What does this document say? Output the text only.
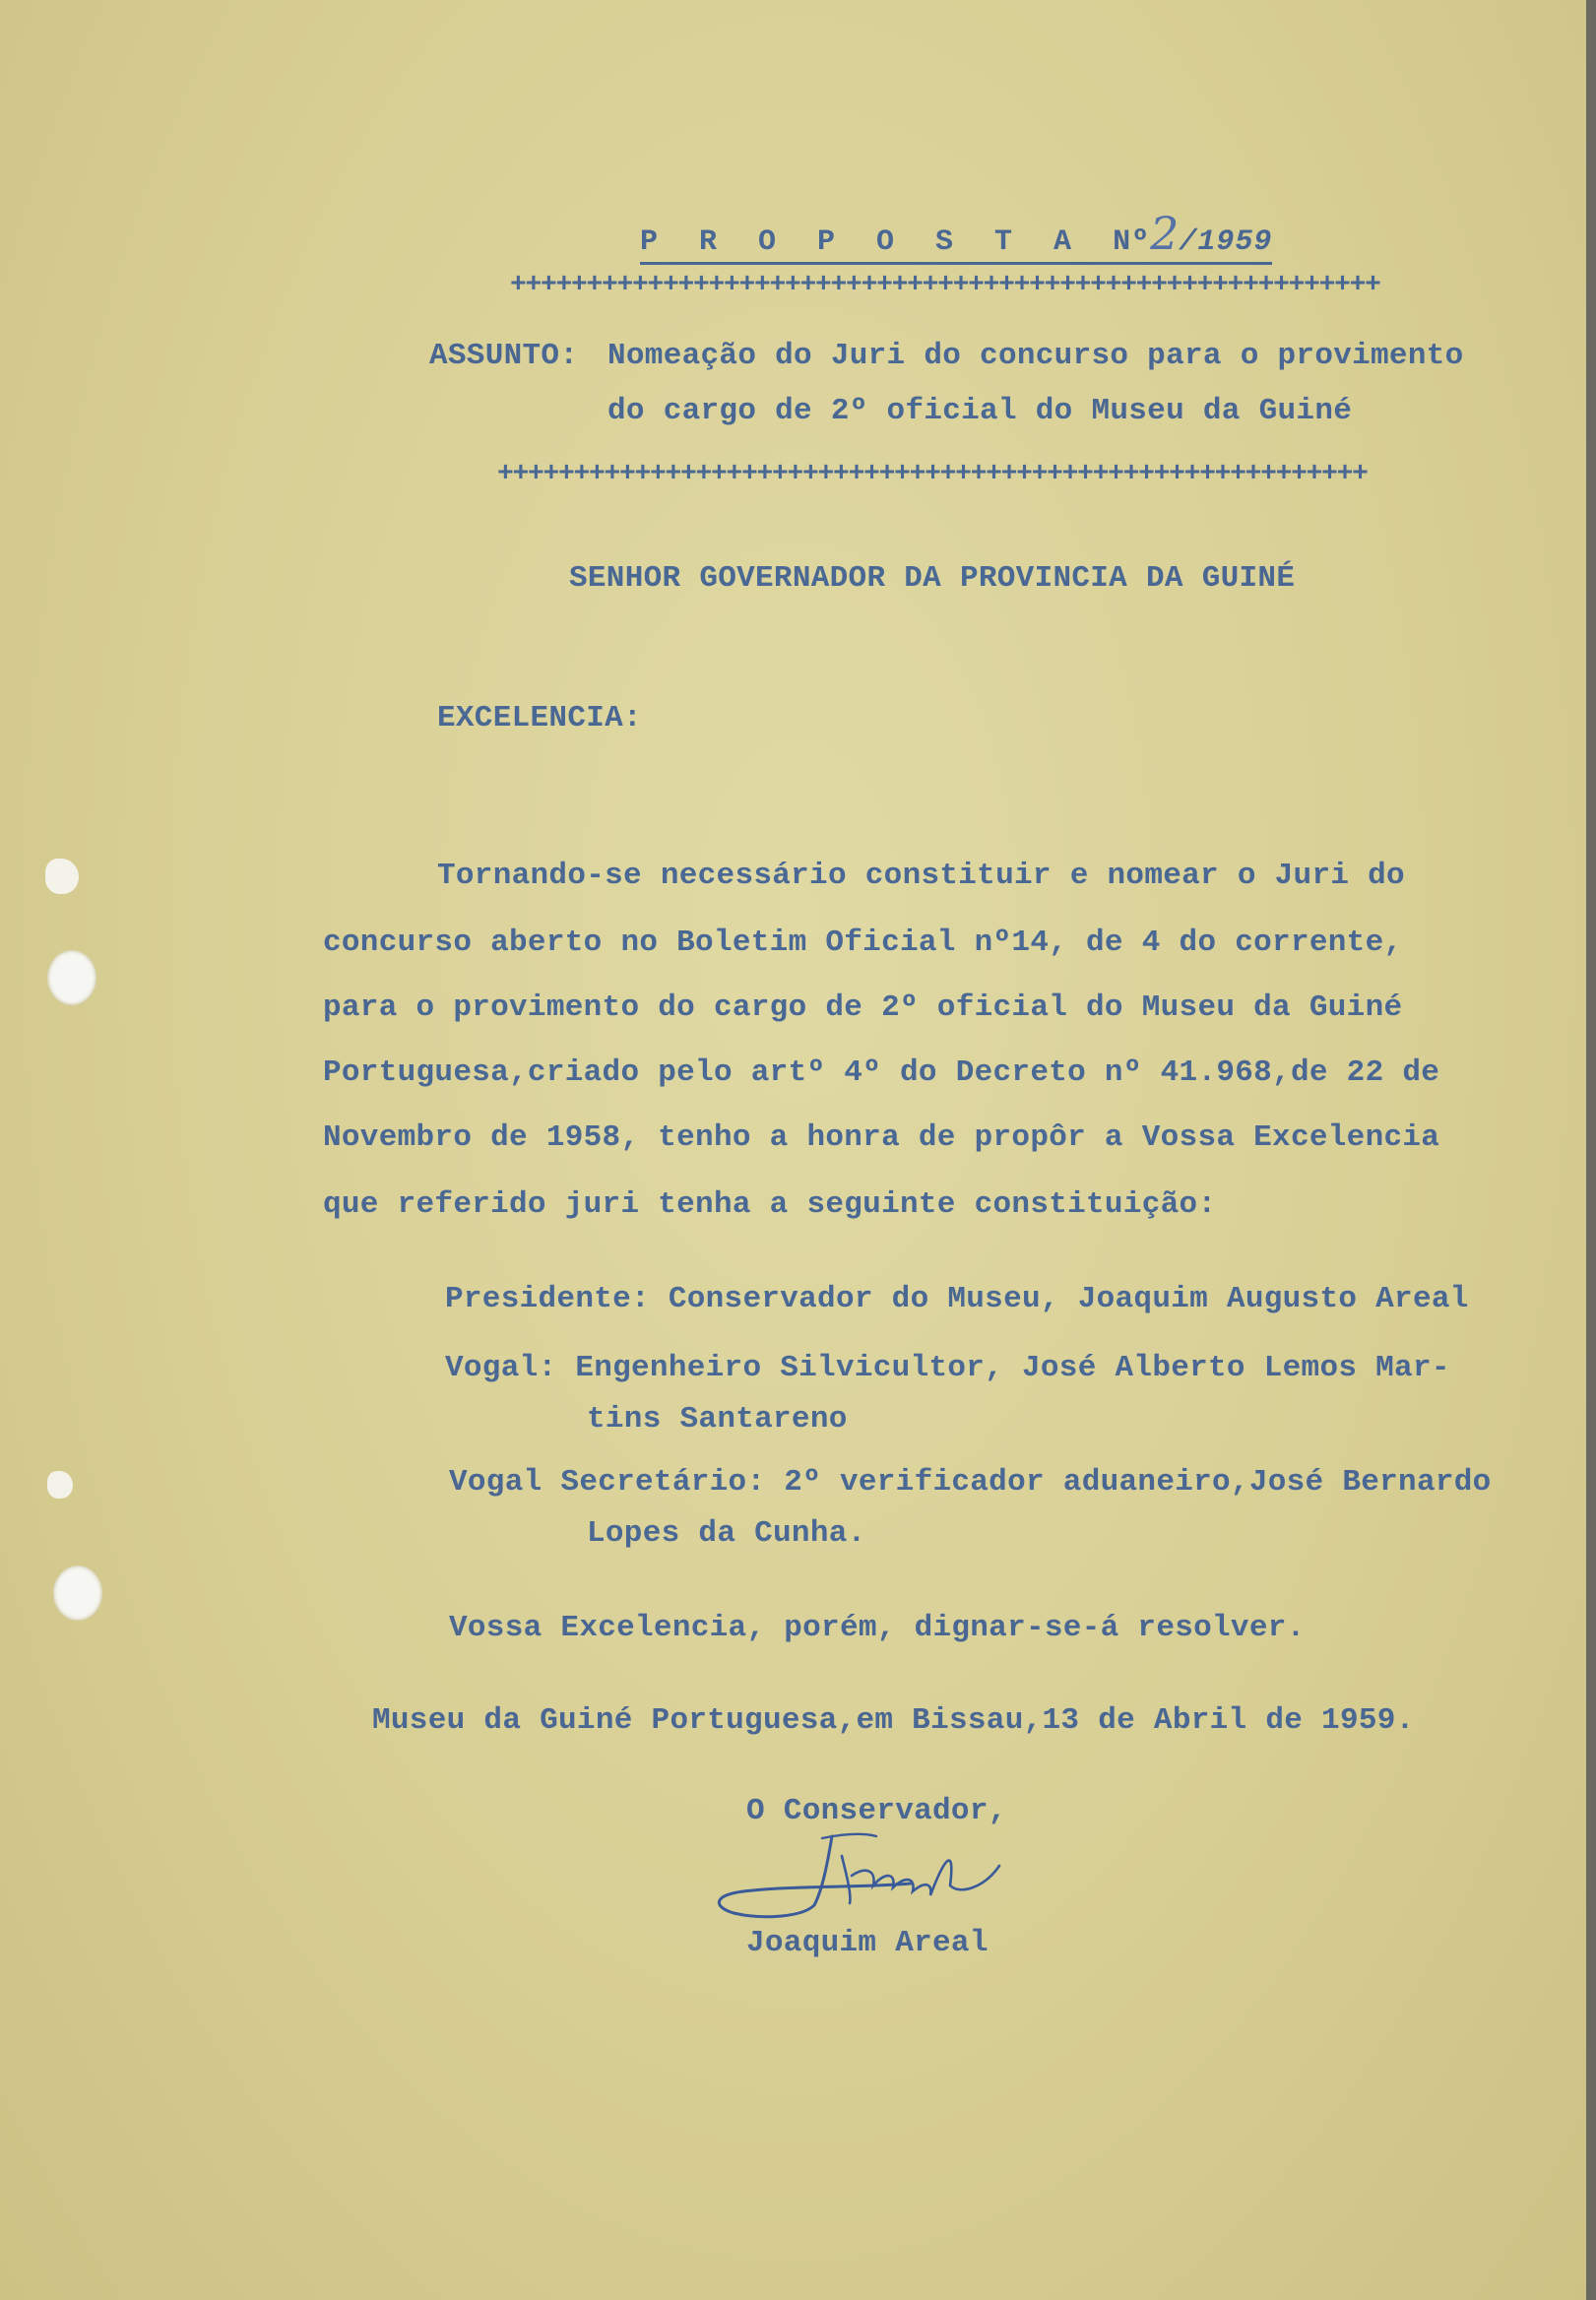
P R O P O S T A Nº2/1959
+++++++++++++++++++++++++++++++++++++++++++++++++++++++++
ASSUNTO: Nomeação do Juri do concurso para o provimento
do cargo de 2º oficial do Museu da Guiné
+++++++++++++++++++++++++++++++++++++++++++++++++++++++++
SENHOR GOVERNADOR DA PROVINCIA DA GUINÉ
EXCELENCIA:
Tornando-se necessário constituir e nomear o Juri do
concurso aberto no Boletim Oficial nº14, de 4 do corrente,
para o provimento do cargo de 2º oficial do Museu da Guiné
Portuguesa,criado pelo artº 4º do Decreto nº 41.968,de 22 de
Novembro de 1958, tenho a honra de propôr a Vossa Excelencia
que referido juri tenha a seguinte constituição:
Presidente: Conservador do Museu, Joaquim Augusto Areal
Vogal: Engenheiro Silvicultor, José Alberto Lemos Mar-
tins Santareno
Vogal Secretário: 2º verificador aduaneiro,José Bernardo
Lopes da Cunha.
Vossa Excelencia, porém, dignar-se-á resolver.
Museu da Guiné Portuguesa,em Bissau,13 de Abril de 1959.
O Conservador,
Joaquim Areal
